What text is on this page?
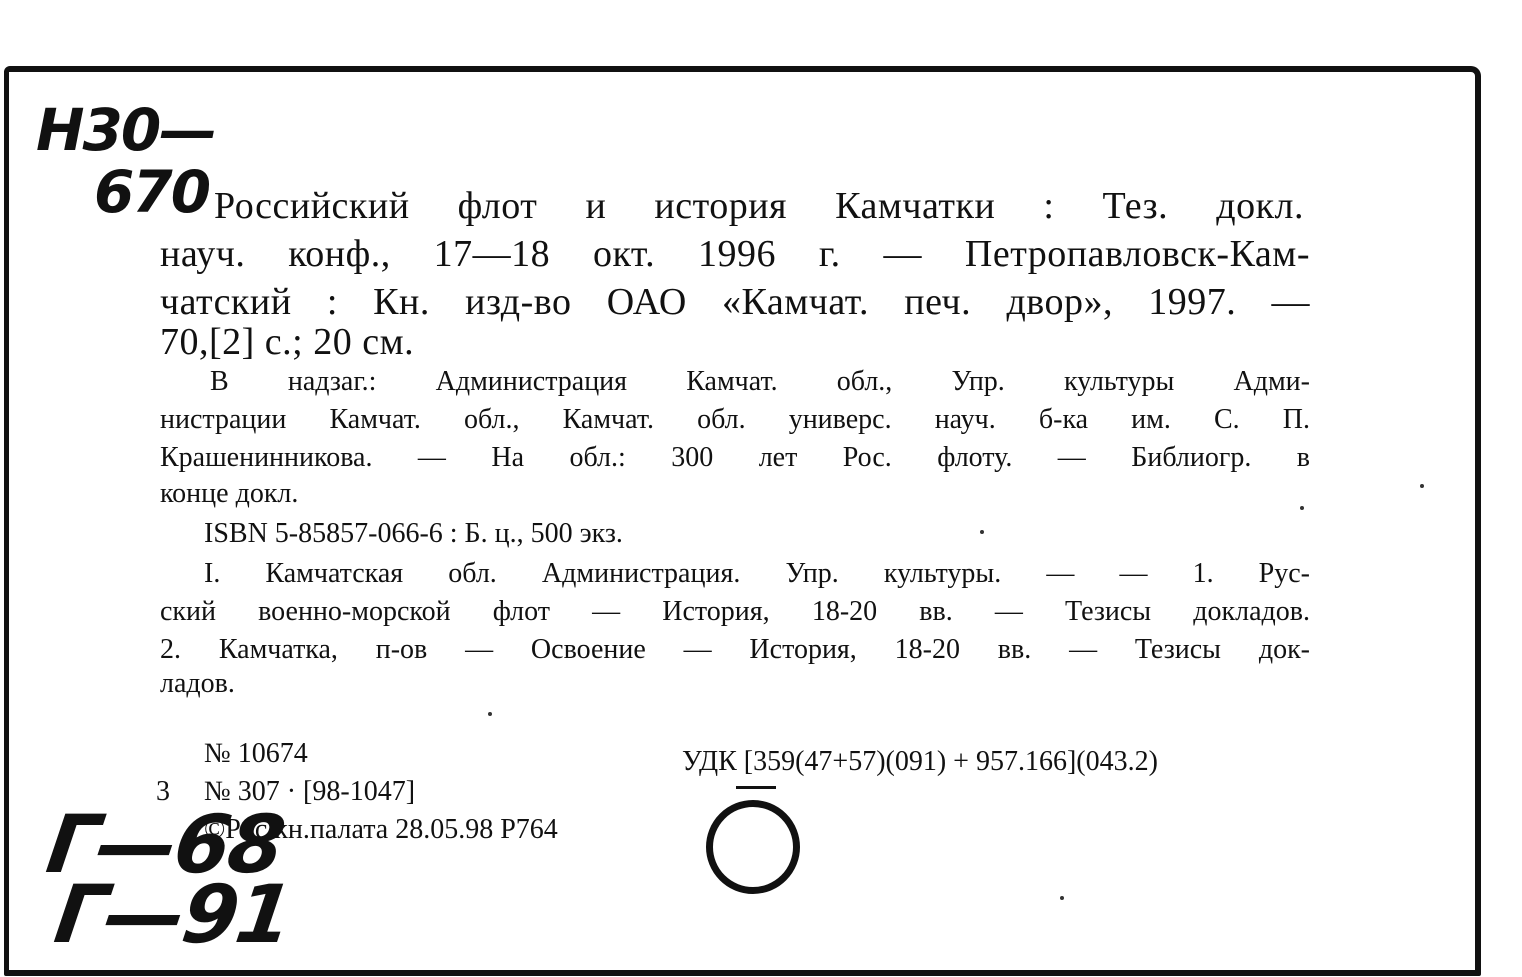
Н30—
670 Российский флот и история Камчатки : Тез. докл.
науч. конф., 17—18 окт. 1996 г. — Петропавловск-Кам-
чатский : Кн. изд-во ОАО «Камчат. печ. двор», 1997. —
70,[2] с.; 20 см.
В надзаг.: Администрация Камчат. обл., Упр. культуры Адми-
нистрации Камчат. обл., Камчат. обл. универс. науч. б-ка им. С. П.
Крашенинникова. — На обл.: 300 лет Рос. флоту. — Библиогр. в
конце докл.
ISBN 5-85857-066-6 : Б. ц., 500 экз.
I. Камчатская обл. Администрация. Упр. культуры. — — 1. Рус-
ский военно-морской флот — История, 18-20 вв. — Тезисы докладов.
2. Камчатка, п-ов — Освоение — История, 18-20 вв. — Тезисы док-
ладов.
№ 10674	УДК [359(47+57)(091) + 957.166](043.2)
3 № 307 · [98-1047]
©Рос.кн.палата 28.05.98 Р764
Г—68
Г—91
